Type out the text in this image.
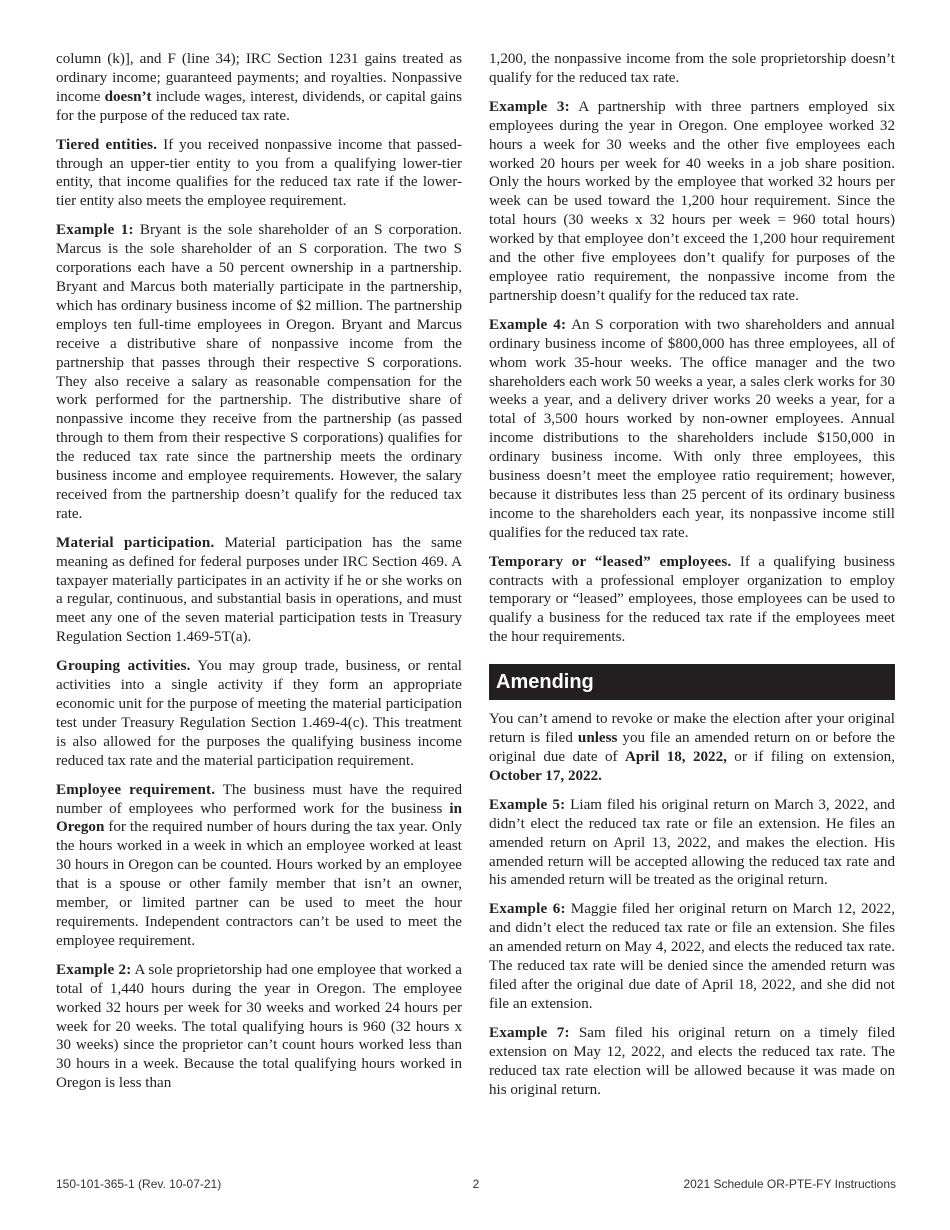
column (k)], and F (line 34); IRC Section 1231 gains treated as ordinary income; guaranteed payments; and royalties. Nonpassive income doesn’t include wages, interest, dividends, or capital gains for the purpose of the reduced tax rate.

Tiered entities. If you received nonpassive income that passed-through an upper-tier entity to you from a qualifying lower-tier entity, that income qualifies for the reduced tax rate if the lower-tier entity also meets the employee requirement.

Example 1: Bryant is the sole shareholder of an S corporation. Marcus is the sole shareholder of an S corporation. The two S corporations each have a 50 percent ownership in a partnership. Bryant and Marcus both materially participate in the partnership, which has ordinary business income of $2 million. The partnership employs ten full-time employees in Oregon. Bryant and Marcus receive a distributive share of nonpassive income from the partnership that passes through their respective S corporations. They also receive a salary as reasonable compensation for the work performed for the partnership. The distributive share of nonpassive income they receive from the partnership (as passed through to them from their respective S corporations) qualifies for the reduced tax rate since the partnership meets the ordinary business income and employee requirements. However, the salary received from the partnership doesn’t qualify for the reduced tax rate.

Material participation. Material participation has the same meaning as defined for federal purposes under IRC Section 469. A taxpayer materially participates in an activity if he or she works on a regular, continuous, and substantial basis in operations, and must meet any one of the seven material participation tests in Treasury Regulation Section 1.469-5T(a).

Grouping activities. You may group trade, business, or rental activities into a single activity if they form an appropriate economic unit for the purpose of meeting the material participation test under Treasury Regulation Section 1.469-4(c). This treatment is also allowed for the purposes the qualifying business income reduced tax rate and the material participation requirement.

Employee requirement. The business must have the required number of employees who performed work for the business in Oregon for the required number of hours during the tax year. Only the hours worked in a week in which an employee worked at least 30 hours in Oregon can be counted. Hours worked by an employee that is a spouse or other family member that isn’t an owner, member, or limited partner can be used to meet the hour requirements. Independent contractors can’t be used to meet the employee requirement.

Example 2: A sole proprietorship had one employee that worked a total of 1,440 hours during the year in Oregon. The employee worked 32 hours per week for 30 weeks and worked 24 hours per week for 20 weeks. The total qualifying hours is 960 (32 hours x 30 weeks) since the proprietor can’t count hours worked less than 30 hours in a week. Because the total qualifying hours worked in Oregon is less than

1,200, the nonpassive income from the sole proprietorship doesn’t qualify for the reduced tax rate.

Example 3: A partnership with three partners employed six employees during the year in Oregon. One employee worked 32 hours a week for 30 weeks and the other five employees each worked 20 hours per week for 40 weeks in a job share position. Only the hours worked by the employee that worked 32 hours per week can be used toward the 1,200 hour requirement. Since the total hours (30 weeks x 32 hours per week = 960 total hours) worked by that employee don’t exceed the 1,200 hour requirement and the other five employees don’t qualify for purposes of the employee ratio requirement, the nonpassive income from the partnership doesn’t qualify for the reduced tax rate.

Example 4: An S corporation with two shareholders and annual ordinary business income of $800,000 has three employees, all of whom work 35-hour weeks. The office manager and the two shareholders each work 50 weeks a year, a sales clerk works for 30 weeks a year, and a delivery driver works 20 weeks a year, for a total of 3,500 hours worked by non-owner employees. Annual income distributions to the shareholders include $150,000 in ordinary business income. With only three employees, this business doesn’t meet the employee ratio requirement; however, because it distributes less than 25 percent of its ordinary business income to the shareholders each year, its nonpassive income still qualifies for the reduced tax rate.

Temporary or “leased” employees. If a qualifying business contracts with a professional employer organization to employ temporary or “leased” employees, those employees can be used to qualify a business for the reduced tax rate if the employees meet the hour requirements.

Amending

You can’t amend to revoke or make the election after your original return is filed unless you file an amended return on or before the original due date of April 18, 2022, or if filing on extension, October 17, 2022.

Example 5: Liam filed his original return on March 3, 2022, and didn’t elect the reduced tax rate or file an extension. He files an amended return on April 13, 2022, and makes the election. His amended return will be accepted allowing the reduced tax rate and his amended return will be treated as the original return.

Example 6: Maggie filed her original return on March 12, 2022, and didn’t elect the reduced tax rate or file an extension. She files an amended return on May 4, 2022, and elects the reduced tax rate. The reduced tax rate will be denied since the amended return was filed after the original due date of April 18, 2022, and she did not file an extension.

Example 7: Sam filed his original return on a timely filed extension on May 12, 2022, and elects the reduced tax rate. The reduced tax rate election will be allowed because it was made on his original return.

150-101-365-1 (Rev. 10-07-21)	2	2021 Schedule OR-PTE-FY Instructions
